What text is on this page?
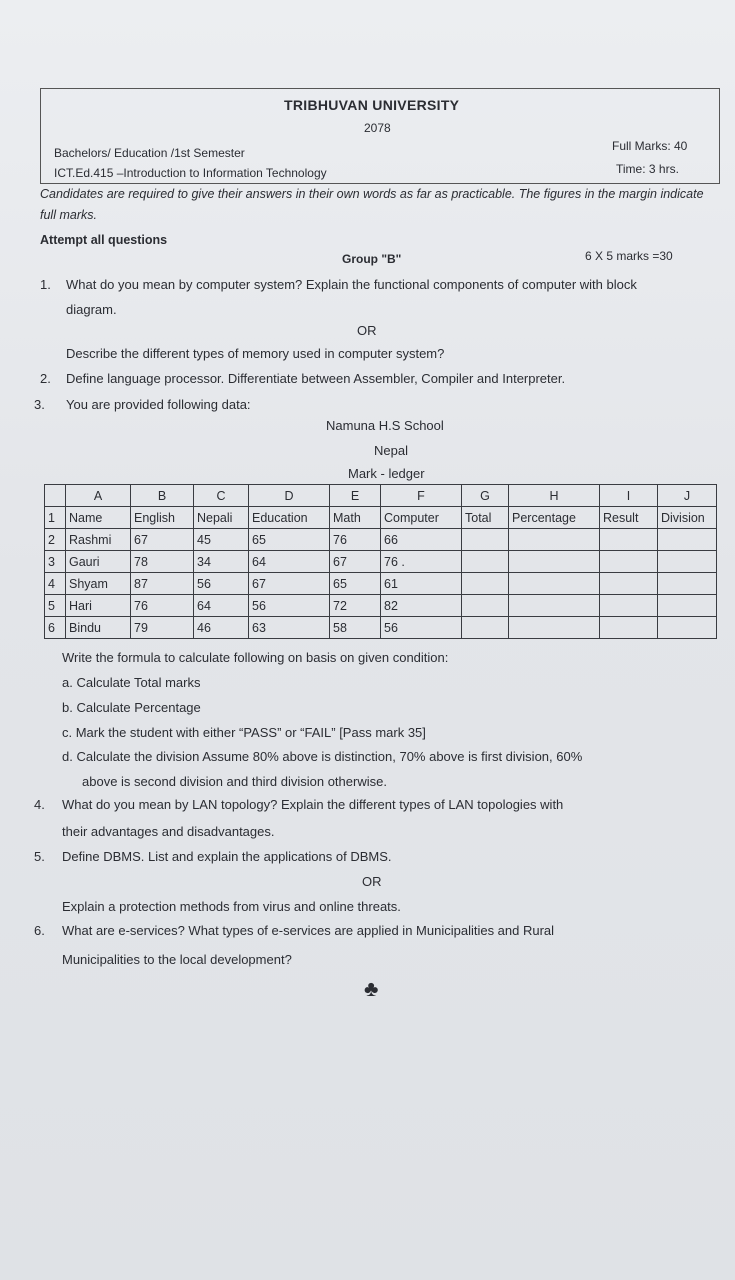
TRIBHUVAN UNIVERSITY
2078
Bachelors/ Education /1st Semester
ICT.Ed.415 –Introduction to Information Technology
Full Marks: 40
Time: 3 hrs.
Candidates are required to give their answers in their own words as far as practicable. The figures in the margin indicate full marks.
Attempt all questions
Group "B"	6 X 5 marks =30
1. What do you mean by computer system? Explain the functional components of computer with block
diagram.
OR
Describe the different types of memory used in computer system?
2. Define language processor. Differentiate between Assembler, Compiler and Interpreter.
3. You are provided following data:
Namuna H.S School
Nepal
Mark - ledger
	A	B	C	D	E	F	G	H	I	J
1	Name	English	Nepali	Education	Math	Computer	Total	Percentage	Result	Division
2	Rashmi	67	45	65	76	66				
3	Gauri	78	34	64	67	76 .				
4	Shyam	87	56	67	65	61				
5	Hari	76	64	56	72	82				
6	Bindu	79	46	63	58	56				
Write the formula to calculate following on basis on given condition:
a. Calculate Total marks
b. Calculate Percentage
c. Mark the student with either “PASS” or “FAIL” [Pass mark 35]
d. Calculate the division Assume 80% above is distinction, 70% above is first division, 60%
above is second division and third division otherwise.
4. What do you mean by LAN topology? Explain the different types of LAN topologies with
their advantages and disadvantages.
5. Define DBMS. List and explain the applications of DBMS.
OR
Explain a protection methods from virus and online threats.
6. What are e-services? What types of e-services are applied in Municipalities and Rural
Municipalities to the local development?
♣
